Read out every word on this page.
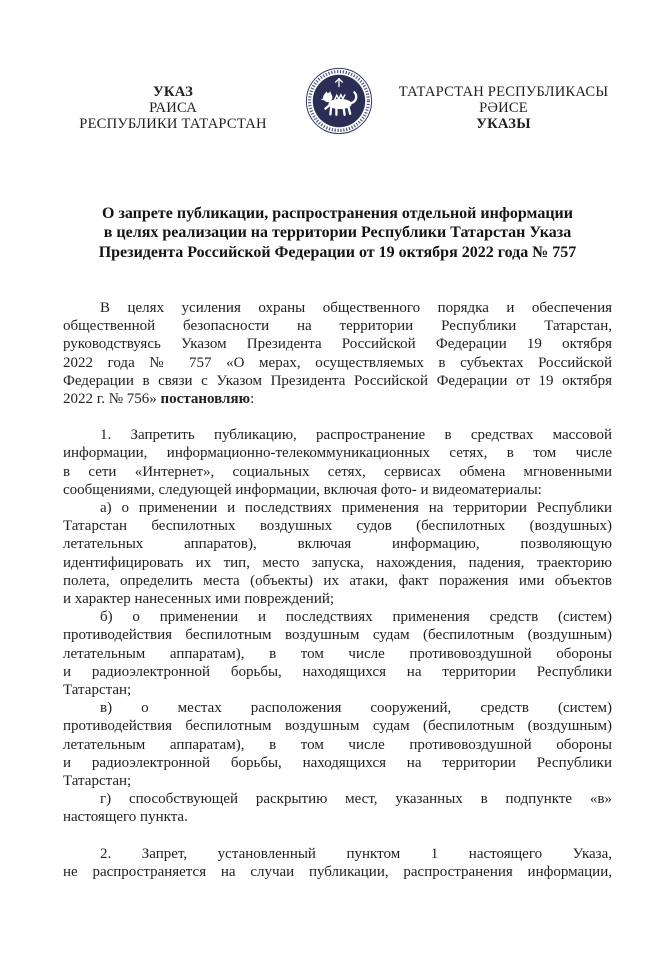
УКАЗ
РАИСА
РЕСПУБЛИКИ ТАТАРСТАН
ТАТАРСТАН РЕСПУБЛИКАСЫ
РӘИСЕ
УКАЗЫ
О запрете публикации, распространения отдельной информации
в целях реализации на территории Республики Татарстан Указа
Президента Российской Федерации от 19 октября 2022 года № 757
В целях усиления охраны общественного порядка и обеспечения
общественной безопасности на территории Республики Татарстан,
руководствуясь Указом Президента Российской Федерации 19 октября
2022 года № 757 «О мерах, осуществляемых в субъектах Российской
Федерации в связи с Указом Президента Российской Федерации от 19 октября
2022 г. № 756» постановляю:
1. Запретить публикацию, распространение в средствах массовой
информации, информационно-телекоммуникационных сетях, в том числе
в сети «Интернет», социальных сетях, сервисах обмена мгновенными
сообщениями, следующей информации, включая фото- и видеоматериалы:
а) о применении и последствиях применения на территории Республики
Татарстан беспилотных воздушных судов (беспилотных (воздушных)
летательных аппаратов), включая информацию, позволяющую
идентифицировать их тип, место запуска, нахождения, падения, траекторию
полета, определить места (объекты) их атаки, факт поражения ими объектов
и характер нанесенных ими повреждений;
б) о применении и последствиях применения средств (систем)
противодействия беспилотным воздушным судам (беспилотным (воздушным)
летательным аппаратам), в том числе противовоздушной обороны
и радиоэлектронной борьбы, находящихся на территории Республики
Татарстан;
в) о местах расположения сооружений, средств (систем)
противодействия беспилотным воздушным судам (беспилотным (воздушным)
летательным аппаратам), в том числе противовоздушной обороны
и радиоэлектронной борьбы, находящихся на территории Республики
Татарстан;
г) способствующей раскрытию мест, указанных в подпункте «в»
настоящего пункта.
2. Запрет, установленный пунктом 1 настоящего Указа,
не распространяется на случаи публикации, распространения информации,
